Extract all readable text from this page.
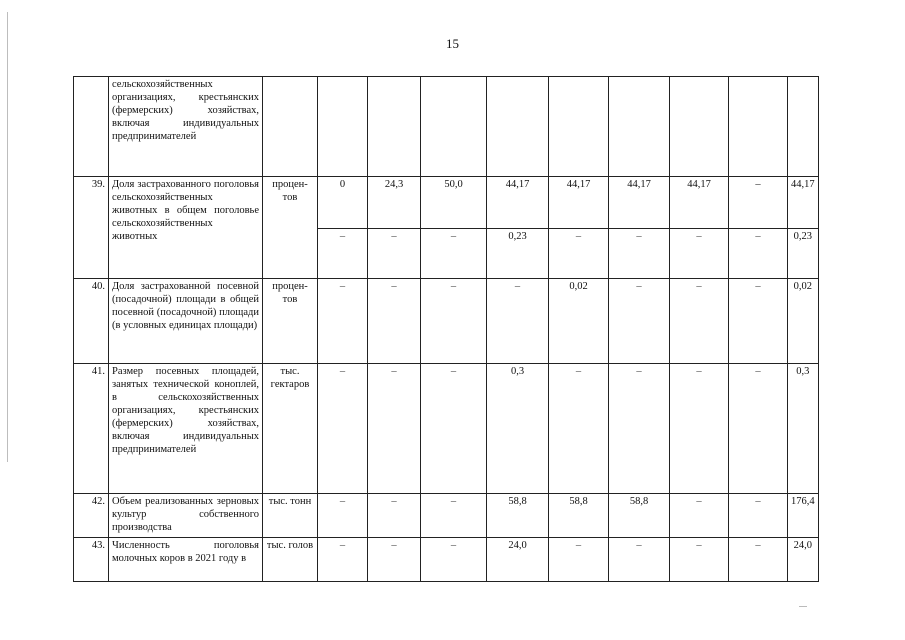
15
	сельскохозяйственных организациях, крестьянских (фермерских) хозяйствах, включая индивидуальных предпринимателей										
39.	Доля застрахованного поголовья сельскохозяйственных животных в общем поголовье сельскохозяйственных животных	процен-тов	0	24,3	50,0	44,17	44,17	44,17	44,17	–	44,17
			–	–	–	0,23	–	–	–	–	0,23
40.	Доля застрахованной посевной (посадочной) площади в общей посевной (посадочной) площади (в условных единицах площади)	процен-тов	–	–	–	–	0,02	–	–	–	0,02
41.	Размер посевных площадей, занятых технической коноплей, в сельскохозяйственных организациях, крестьянских (фермерских) хозяйствах, включая индивидуальных предпринимателей	тыс. гектаров	–	–	–	0,3	–	–	–	–	0,3
42.	Объем реализованных зерновых культур собственного производства	тыс. тонн	–	–	–	58,8	58,8	58,8	–	–	176,4
43.	Численность поголовья молочных коров в 2021 году в	тыс. голов	–	–	–	24,0	–	–	–	–	24,0
